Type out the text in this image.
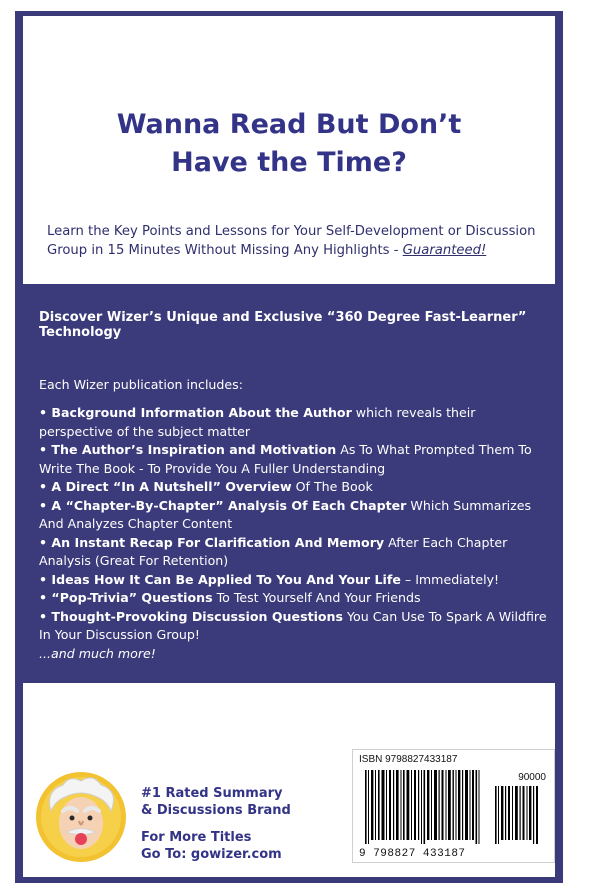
Wanna Read But Don’t
Have the Time?
Learn the Key Points and Lessons for Your Self-Development or Discussion Group in 15 Minutes Without Missing Any Highlights - Guaranteed!

Discover Wizer’s Unique and Exclusive “360 Degree Fast-Learner” Technology

Each Wizer publication includes:

• Background Information About the Author which reveals their perspective of the subject matter

• The Author’s Inspiration and Motivation As To What Prompted Them To Write The Book - To Provide You A Fuller Understanding

• A Direct “In A Nutshell” Overview Of The Book

• A “Chapter-By-Chapter” Analysis Of Each Chapter Which Summarizes And Analyzes Chapter Content

• An Instant Recap For Clarification And Memory After Each Chapter Analysis (Great For Retention)

• Ideas How It Can Be Applied To You And Your Life – Immediately!

• “Pop-Trivia” Questions To Test Yourself And Your Friends

• Thought-Provoking Discussion Questions You Can Use To Spark A Wildfire In Your Discussion Group!

...and much more!

#1 Rated Summary
& Discussions Brand
For More Titles
Go To: gowizer.com
ISBN 9798827433187
90000
9 798827 433187
